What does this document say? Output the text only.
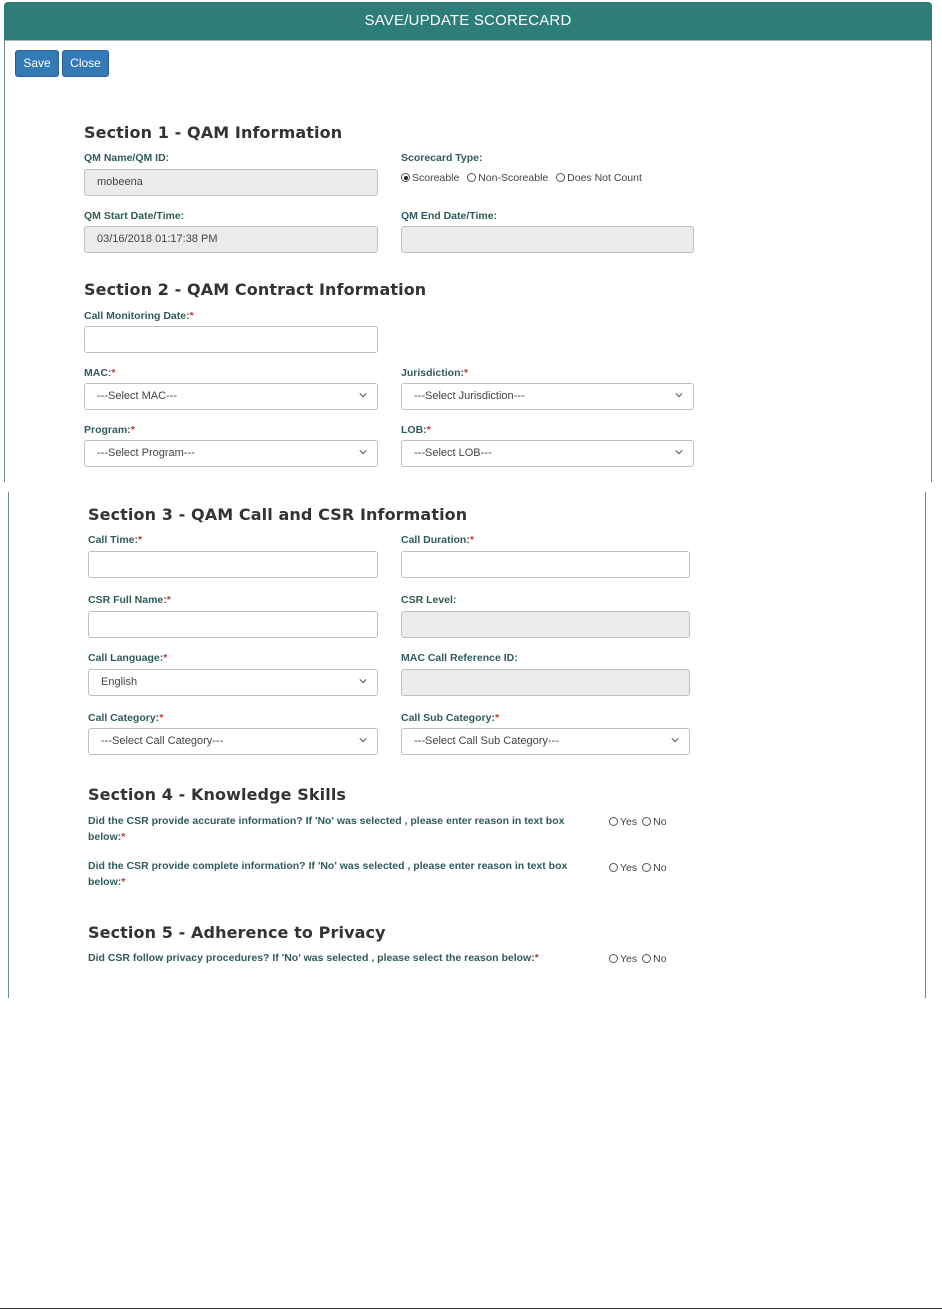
SAVE/UPDATE SCORECARD
Save	Close
Section 1 - QAM Information
QM Name/QM ID:
mobeena
Scorecard Type:
Scoreable Non-Scoreable Does Not Count
QM Start Date/Time:
03/16/2018 01:17:38 PM
QM End Date/Time:
Section 2 - QAM Contract Information
Call Monitoring Date:*
MAC:*
---Select MAC---
Jurisdiction:*
---Select Jurisdiction---
Program:*
---Select Program---
LOB:*
---Select LOB---
Section 3 - QAM Call and CSR Information
Call Time:*	Call Duration:*
CSR Full Name:*	CSR Level:
Call Language:*
English
MAC Call Reference ID:
Call Category:*
---Select Call Category---
Call Sub Category:*
---Select Call Sub Category---
Section 4 - Knowledge Skills
Did the CSR provide accurate information? If 'No' was selected , please enter reason in text box below:*
Yes No
Did the CSR provide complete information? If 'No' was selected , please enter reason in text box below:*
Yes No
Section 5 - Adherence to Privacy
Did CSR follow privacy procedures? If 'No' was selected , please select the reason below:*	Yes No
